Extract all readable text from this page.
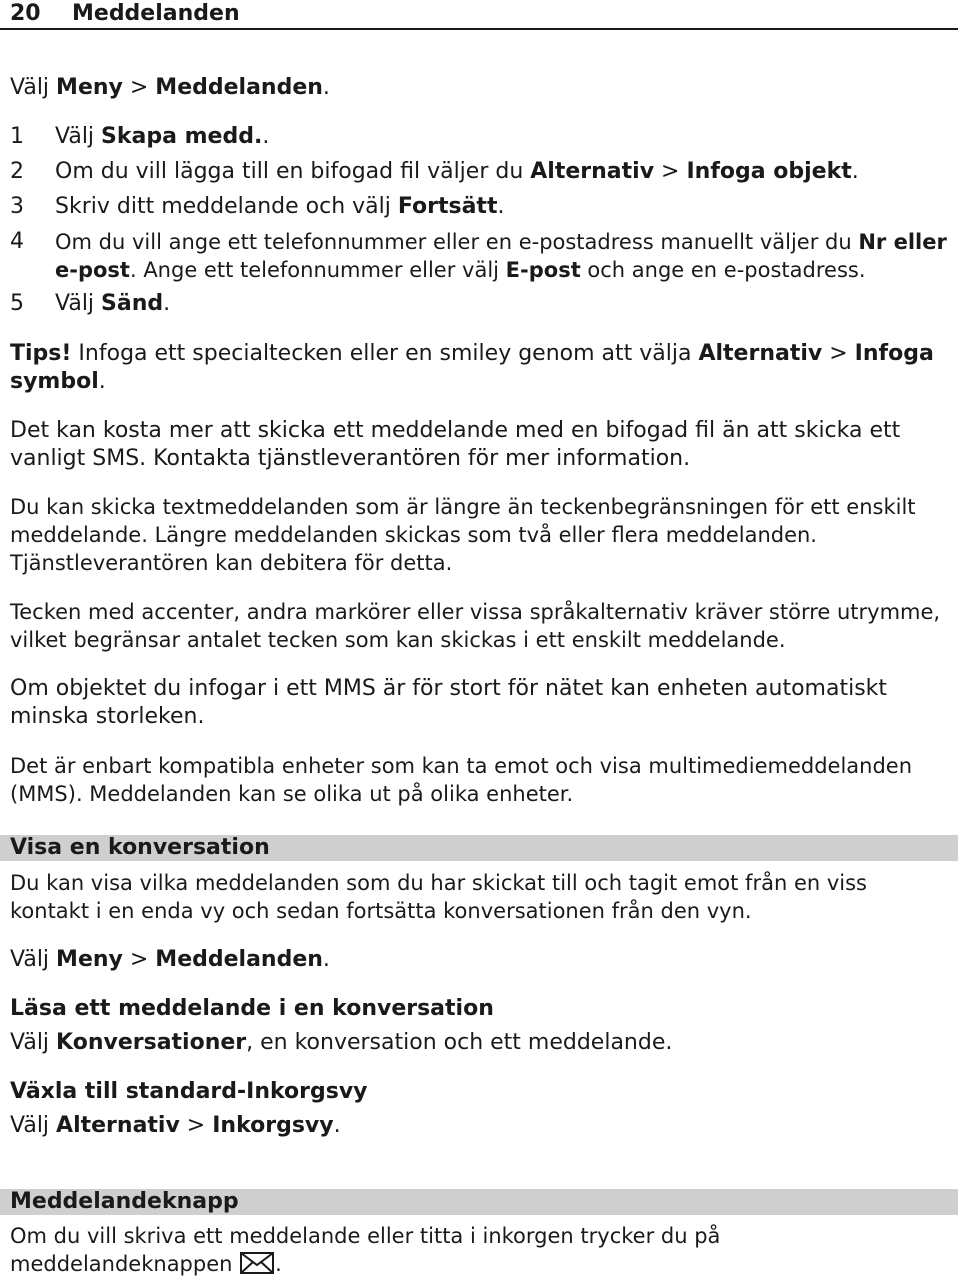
20 Meddelanden

Välj Meny > Meddelanden.

1	Välj Skapa medd..
2	Om du vill lägga till en bifogad fil väljer du Alternativ > Infoga objekt.
3	Skriv ditt meddelande och välj Fortsätt.
4	Om du vill ange ett telefonnummer eller en e-postadress manuellt väljer du Nr eller e-post. Ange ett telefonnummer eller välj E-post och ange en e-postadress.
5	Välj Sänd.

Tips! Infoga ett specialtecken eller en smiley genom att välja Alternativ > Infoga symbol.

Det kan kosta mer att skicka ett meddelande med en bifogad fil än att skicka ett vanligt SMS. Kontakta tjänstleverantören för mer information.

Du kan skicka textmeddelanden som är längre än teckenbegränsningen för ett enskilt meddelande. Längre meddelanden skickas som två eller flera meddelanden. Tjänstleverantören kan debitera för detta.

Tecken med accenter, andra markörer eller vissa språkalternativ kräver större utrymme, vilket begränsar antalet tecken som kan skickas i ett enskilt meddelande.

Om objektet du infogar i ett MMS är för stort för nätet kan enheten automatiskt minska storleken.

Det är enbart kompatibla enheter som kan ta emot och visa multimediemeddelanden (MMS). Meddelanden kan se olika ut på olika enheter.

Visa en konversation

Du kan visa vilka meddelanden som du har skickat till och tagit emot från en viss kontakt i en enda vy och sedan fortsätta konversationen från den vyn.

Välj Meny > Meddelanden.

Läsa ett meddelande i en konversation

Välj Konversationer, en konversation och ett meddelande.

Växla till standard-Inkorgsvy

Välj Alternativ > Inkorgsvy.

Meddelandeknapp

Om du vill skriva ett meddelande eller titta i inkorgen trycker du på meddelandeknappen .
